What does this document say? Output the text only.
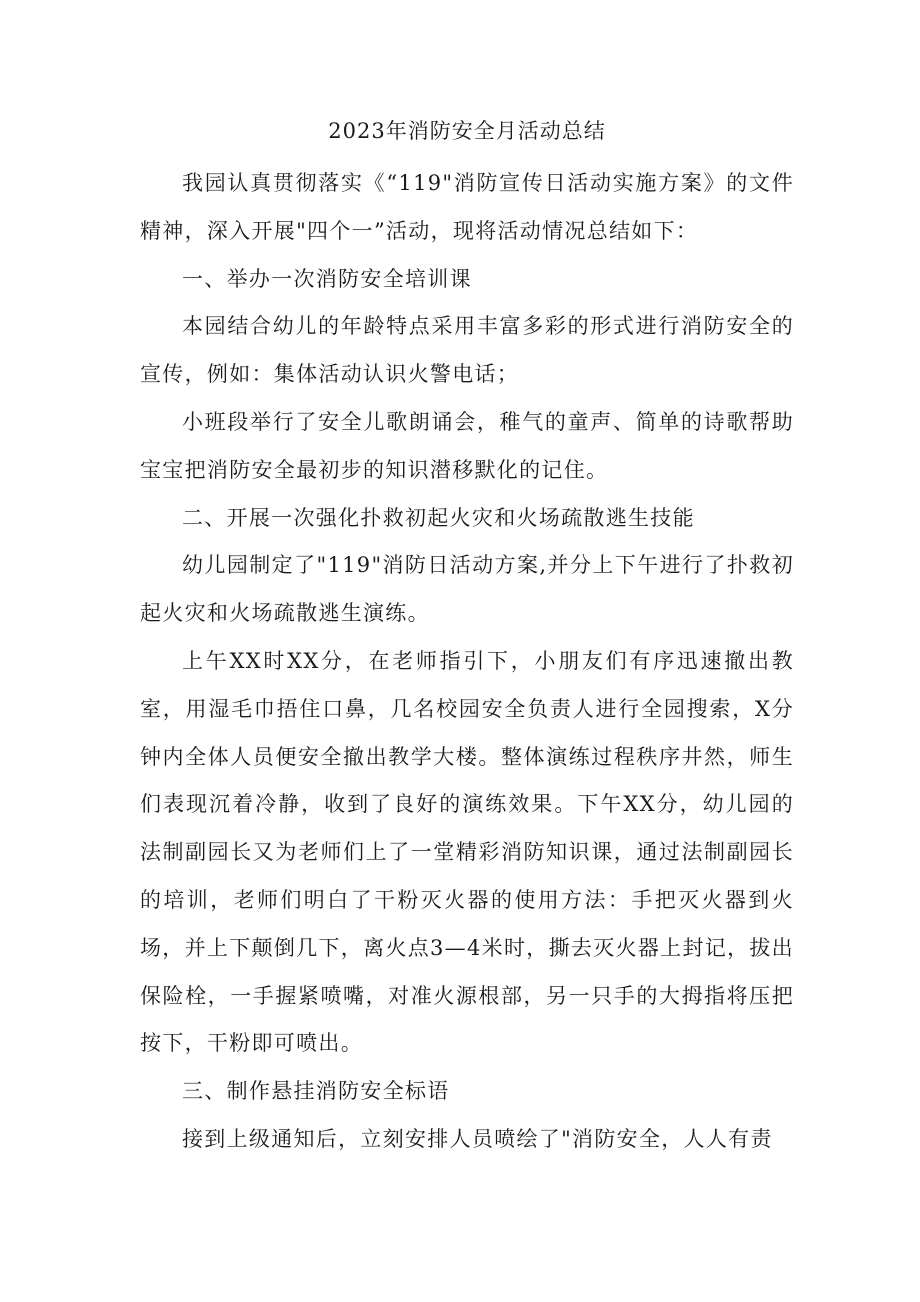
2023年消防安全月活动总结

我园认真贯彻落实《“119"消防宣传日活动实施方案》的文件精神，深入开展"四个一”活动，现将活动情况总结如下：

一、举办一次消防安全培训课

本园结合幼儿的年龄特点采用丰富多彩的形式进行消防安全的宣传，例如：集体活动认识火警电话；

小班段举行了安全儿歌朗诵会，稚气的童声、简单的诗歌帮助宝宝把消防安全最初步的知识潜移默化的记住。

二、开展一次强化扑救初起火灾和火场疏散逃生技能

幼儿园制定了"119"消防日活动方案,并分上下午进行了扑救初起火灾和火场疏散逃生演练。

上午XX时XX分，在老师指引下，小朋友们有序迅速撤出教室，用湿毛巾捂住口鼻，几名校园安全负责人进行全园搜索，X分钟内全体人员便安全撤出教学大楼。整体演练过程秩序井然，师生们表现沉着冷静，收到了良好的演练效果。下午XX分，幼儿园的法制副园长又为老师们上了一堂精彩消防知识课，通过法制副园长的培训，老师们明白了干粉灭火器的使用方法：手把灭火器到火场，并上下颠倒几下，离火点3—4米时，撕去灭火器上封记，拔出保险栓，一手握紧喷嘴，对准火源根部，另一只手的大拇指将压把按下，干粉即可喷出。

三、制作悬挂消防安全标语

接到上级通知后，立刻安排人员喷绘了"消防安全，人人有责
